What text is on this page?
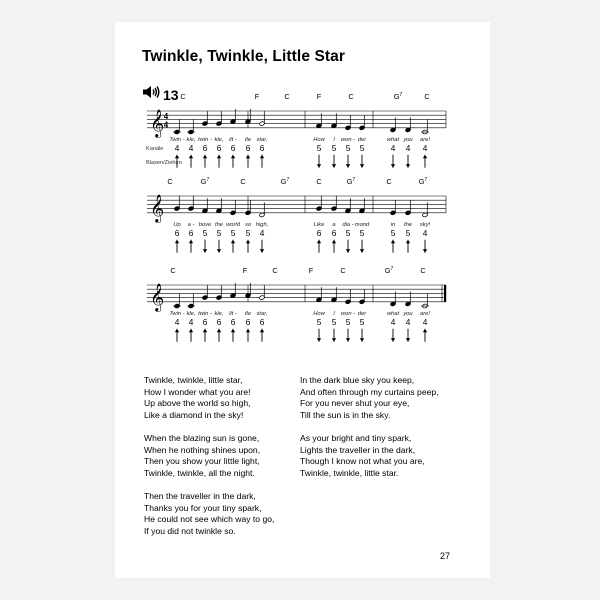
Twinkle, Twinkle, Little Star
13
𝄞 4
4
C	F	C	F	C	$G^7$	C
Twin - kle, twin - kle, lit - tle star,	How I won - der	what you are!
4 4 6 6 6 6 6	5 5 5 5	4 4 4
Kanäle
Blasen/Ziehen
𝄞
C	$G^7$	C	$G^7$	C	$G^7$	C	$G^7$
Up a - bove the world so high,	Like a dia - mond	in the sky!
6 6 5 5 5 5 4	6 6 5 5	5 5 4
𝄞
C	F	C	F	C	$G^7$	C
Twin - kle, twin - kle, lit - tle star,	How I won - der	what you are!
4 4 6 6 6 6 6	5 5 5 5	4 4 4
Twinkle, twinkle, little star,
How I wonder what you are!
Up above the world so high,
Like a diamond in the sky!
When the blazing sun is gone,
When he nothing shines upon,
Then you show your little light,
Twinkle, twinkle, all the night.
Then the traveller in the dark,
Thanks you for your tiny spark,
He could not see which way to go,
If you did not twinkle so.
In the dark blue sky you keep,
And often through my curtains peep,
For you never shut your eye,
Till the sun is in the sky.
As your bright and tiny spark,
Lights the traveller in the dark,
Though I know not what you are,
Twinkle, twinkle, little star.
27
